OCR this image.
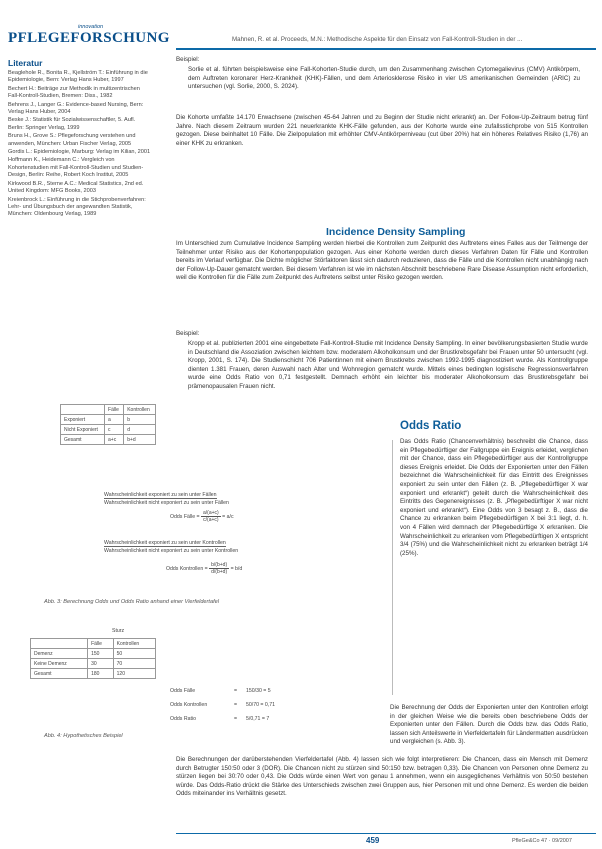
innovation
PFLEGEFORSCHUNG	Mahnen, R. et al. Proceeds, M.N.: Methodische Aspekte für den Einsatz von Fall-Kontroll-Studien in der ...
Literatur

Beaglehole R., Bonita R., Kjellström T.: Einführung in die Epidemiologie, Bern: Verlag Hans Huber, 1997

Bechert H.: Beiträge zur Methodik in multizentrischen Fall-Kontroll-Studien, Bremen: Diss., 1982

Behrens J., Langer G.: Evidence-based Nursing, Bern: Verlag Hans Huber, 2004

Beske J.: Statistik für Sozialwissenschaftler, 5. Aufl. Berlin: Springer Verlag, 1999

Bruns H., Grove S.: Pflegeforschung verstehen und anwenden, München: Urban Fischer Verlag, 2005

Gordis L.: Epidemiologie, Marburg: Verlag im Kilian, 2001

Hoffmann K., Heidemann C.: Vergleich von Kohortenstudien mit Fall-Kontroll-Studien und Studien-Design, Berlin: Reihe, Robert Koch Institut, 2005

Kirkwood B.R., Sterne A.C.: Medical Statistics, 2nd ed. United Kingdom: MFG Books, 2003

Kreienbrock L.: Einführung in die Stichprobenverfahren: Lehr- und Übungsbuch der angewandten Statistik, München: Oldenbourg Verlag, 1989

Beispiel:
Sorlie et al. führten beispielsweise eine Fall-Kohorten-Studie durch, um den Zusammenhang zwischen Cytomegalievirus (CMV) Antikörpern, dem Auftreten koronarer Herz-Krankheit (KHK)-Fällen, und dem Arteriosklerose Risiko in vier US amerikanischen Gemeinden (ARIC) zu untersuchen (vgl. Sorlie, 2000, S. 2024).
Die Kohorte umfaßte 14.170 Erwachsene (zwischen 45-64 Jahren und zu Beginn der Studie nicht erkrankt) an. Der Follow-Up-Zeitraum betrug fünf Jahre. Nach diesem Zeitraum wurden 221 neuerkrankte KHK-Fälle gefunden, aus der Kohorte wurde eine zufallsstichprobe von 515 Kontrollen gezogen. Diese beinhaltet 10 Fälle. Die Zielpopulation mit erhöhter CMV-Antikörperniveau (cut über 20%) hat ein höheres Relatives Risiko (1,76) an einer KHK zu erkranken.
Incidence Density Sampling
Im Unterschied zum Cumulative Incidence Sampling werden hierbei die Kontrollen zum Zeitpunkt des Auftretens eines Falles aus der Teilmenge der Teilnehmer unter Risiko aus der Kohortenpopulation gezogen. Aus einer Kohorte werden durch dieses Verfahren Daten für Fälle und Kontrollen bereits im Verlauf verfügbar. Die Dichte möglicher Störfaktoren lässt sich dadurch reduzieren, dass die Fälle und die Kontrollen nicht unabhängig nach der Follow-Up-Dauer gematcht werden. Bei diesem Verfahren ist wie im nächsten Abschnitt beschriebene Rare Disease Assumption nicht erforderlich, weil die Kontrollen für die Fälle zum Zeitpunkt des Auftretens selbst unter Risiko gezogen werden.
Beispiel:
Kropp et al. publizierten 2001 eine eingebettete Fall-Kontroll-Studie mit Incidence Density Sampling. In einer bevölkerungsbasierten Studie wurde in Deutschland die Assoziation zwischen leichtem bzw. moderatem Alkoholkonsum und der Brustkrebsgefahr bei Frauen unter 50 untersucht (vgl. Kropp, 2001, S. 174). Die Studienschicht 706 Patientinnen mit einem Brustkrebs zwischen 1992-1995 diagnostiziert wurde. Als Kontrollgruppe dienten 1.381 Frauen, deren Auswahl nach Alter und Wohnregion gematcht wurde. Mittels eines bedingten logistische Regressionsverfahren wurde eine Odds Ratio von 0,71 festgestellt. Demnach erhöht ein leichter bis moderater Alkoholkonsum das Brustkrebsgefahr bei prämenopausalen Frauen nicht.
Odds Ratio
Das Odds Ratio (Chancenverhältnis) beschreibt die Chance, dass ein Pflegebedürftiger der Fallgruppe ein Ereignis erleidet, verglichen mit der Chance, dass ein Pflegebedürftiger aus der Kontrollgruppe dieses Ereignis erleidet. Die Odds der Exponierten unter den Fällen bezeichnet die Wahrscheinlichkeit für das Eintritt des Ereignisses exponiert zu sein unter den Fällen (z. B. „Pflegebedürftiger X war exponiert und erkrankt“) geteilt durch die Wahrscheinlichkeit des Eintritts des Gegenereignisses (z. B. „Pflegebedürftiger X war nicht exponiert und erkrankt“). Eine Odds von 3 besagt z. B., dass die Chance zu erkranken beim Pflegebedürftigen X bei 3:1 liegt, d. h. von 4 Fällen wird demnach der Pflegebedürftige X erkranken. Die Wahrscheinlichkeit zu erkranken vom Pflegebedürftigen X entspricht 3/4 (75%) und die Wahrscheinlichkeit nicht zu erkranken beträgt 1/4 (25%).
Die Berechnung der Odds der Exponierten unter den Kontrollen erfolgt in der gleichen Weise wie die bereits oben beschriebene Odds der Exponierten unter den Fällen. Durch die Odds bzw. das Odds Ratio, lassen sich Anteilswerte in Vierfeldertafeln für Ländermatten ausdrücken und vergleichen (s. Abb. 3).
Die Berechnungen der darüberstehenden Vierfeldertafel (Abb. 4) lassen sich wie folgt interpretieren: Die Chancen, dass ein Mensch mit Demenz durch Betrugter 150:50 oder 3 (DOR). Die Chancen nicht zu stürzen sind 50:150 bzw. betragen 0,33). Die Chancen von Personen ohne Demenz zu stürzen liegen bei 30:70 oder 0,43. Die Odds würde einen Wert von genau 1 annehmen, wenn ein ausgeglichenes Verhältnis von 50:50 bestehen würde. Das Odds-Ratio drückt die Stärke des Unterschieds zwischen zwei Gruppen aus, hier Personen mit und ohne Demenz. Es werden die beiden Odds miteinander ins Verhältnis gesetzt.
	Fälle	Kontrollen
Exponiert	a	b
Nicht Exponiert	c	d
Gesamt	a+c	b+d
Wahrscheinlichkeit exponiert zu sein unter Fällen
Wahrscheinlichkeit nicht exponiert zu sein unter Fällen
Odds Fälle = $\frac{a/(a+c)}{c/(a+c)} = a/c$
Wahrscheinlichkeit exponiert zu sein unter Kontrollen
Wahrscheinlichkeit nicht exponiert zu sein unter Kontrollen
Odds Kontrollen = $\frac{b/(b+d)}{d/(b+d)} = b/d$
Abb. 3: Berechnung Odds und Odds Ratio anhand einer Vierfeldertafel
Sturz
	Fälle	Kontrollen
Demenz	150	50
Keine Demenz	30	70
Gesamt	180	120
Odds Fälle	=	150/30 = 5
Odds Kontrollen	=	50/70 = 0,71
Odds Ratio	=	5/0,71 = 7
Abb. 4: Hypothetisches Beispiel
459	PfleGe&Co 47 · 09/2007
